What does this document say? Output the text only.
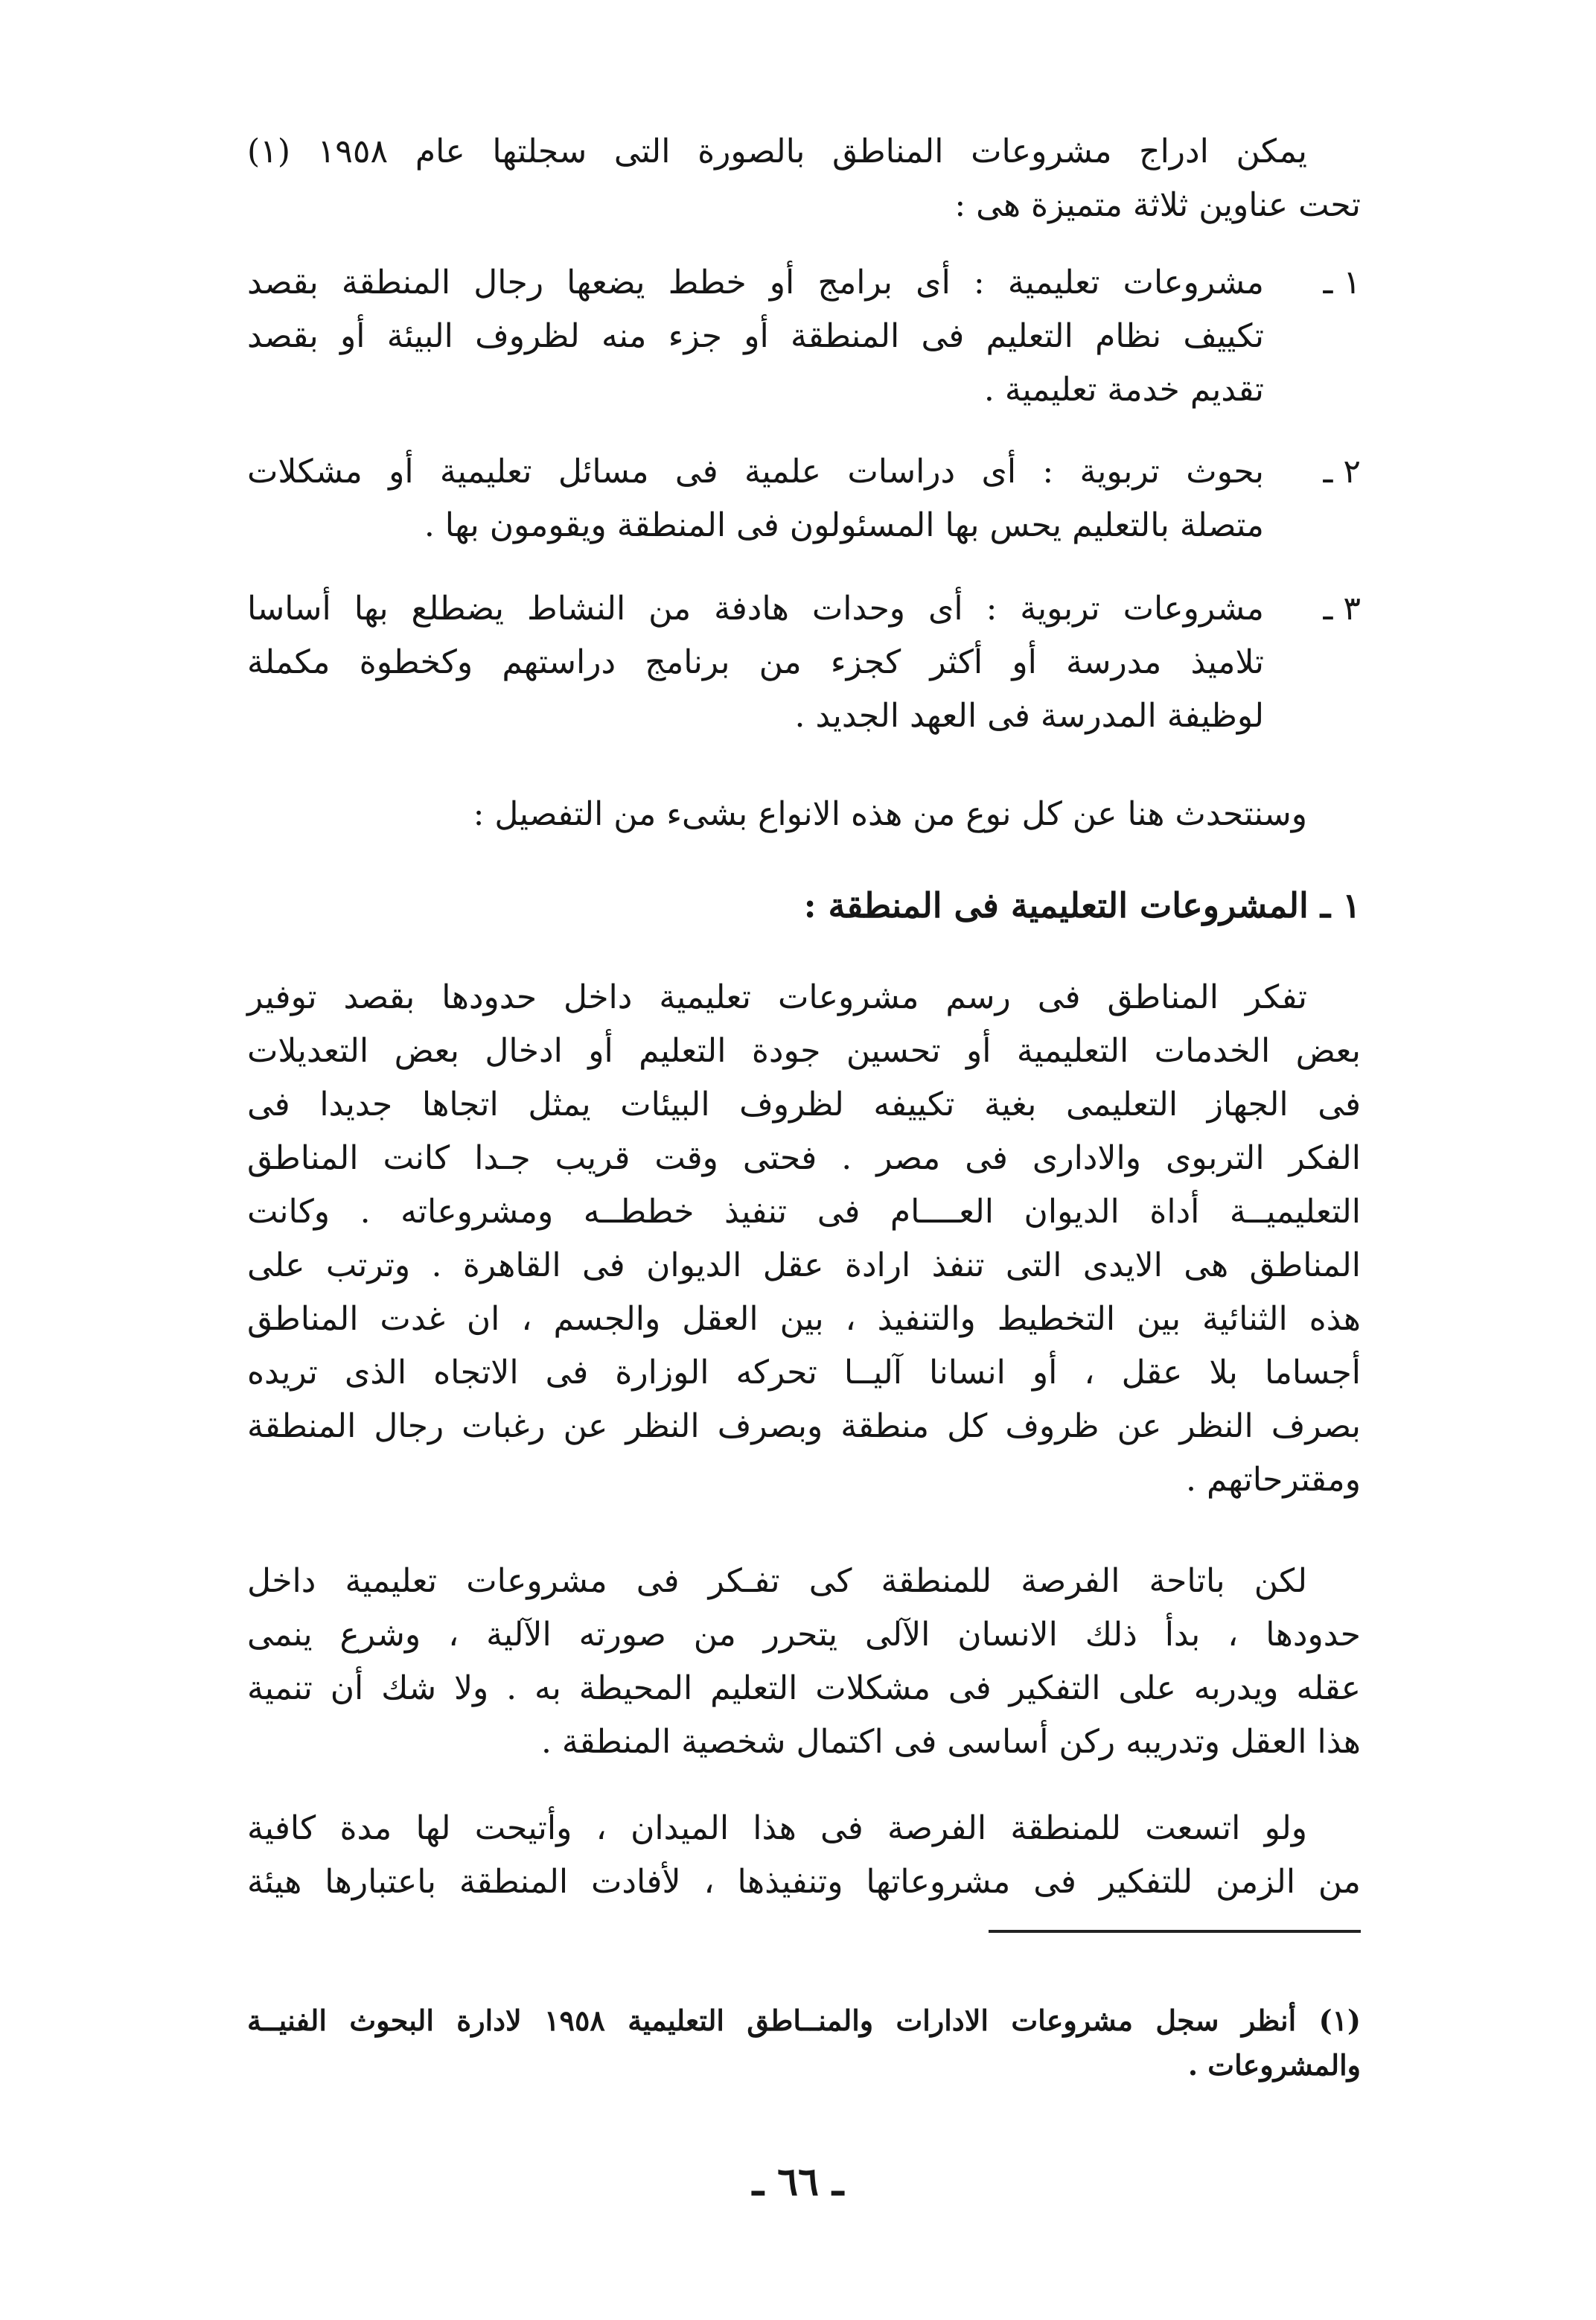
يمكن ادراج مشروعات المناطق بالصورة التى سجلتها عام ١٩٥٨ (١)
تحت عناوين ثلاثة متميزة هى :
١ ـ
مشروعات تعليمية : أى برامج أو خطط يضعها رجال المنطقة بقصد
تكييف نظام التعليم فى المنطقة أو جزء منه لظروف البيئة أو بقصد
تقديم خدمة تعليمية .
٢ ـ
بحوث تربوية : أى دراسات علمية فى مسائل تعليمية أو مشكلات
متصلة بالتعليم يحس بها المسئولون فى المنطقة ويقومون بها .
٣ ـ
مشروعات تربوية : أى وحدات هادفة من النشاط يضطلع بها أساسا
تلاميذ مدرسة أو أكثر كجزء من برنامج دراستهم وكخطوة مكملة
لوظيفة المدرسة فى العهد الجديد .
وسنتحدث هنا عن كل نوع من هذه الانواع بشىء من التفصيل :
١ ـ المشروعات التعليمية فى المنطقة :
تفكر المناطق فى رسم مشروعات تعليمية داخل حدودها بقصد توفير
بعض الخدمات التعليمية أو تحسين جودة التعليم أو ادخال بعض التعديلات
فى الجهاز التعليمى بغية تكييفه لظروف البيئات يمثل اتجاها جديدا فى
الفكر التربوى والادارى فى مصر . فحتى وقت قريب جـدا كانت المناطق
التعليميــة أداة الديوان العــــام فى تنفيذ خططــه ومشروعاته . وكانت
المناطق هى الايدى التى تنفذ ارادة عقل الديوان فى القاهرة . وترتب على
هذه الثنائية بين التخطيط والتنفيذ ، بين العقل والجسم ، ان غدت المناطق
أجساما بلا عقل ، أو انسانا آليــا تحركه الوزارة فى الاتجاه الذى تريده
بصرف النظر عن ظروف كل منطقة وبصرف النظر عن رغبات رجال المنطقة
ومقترحاتهم .
لكن باتاحة الفرصة للمنطقة كى تفـكر فى مشروعات تعليمية داخل
حدودها ، بدأ ذلك الانسان الآلى يتحرر من صورته الآلية ، وشرع ينمى
عقله ويدربه على التفكير فى مشكلات التعليم المحيطة به . ولا شك أن تنمية
هذا العقل وتدريبه ركن أساسى فى اكتمال شخصية المنطقة .
ولو اتسعت للمنطقة الفرصة فى هذا الميدان ، وأتيحت لها مدة كافية
من الزمن للتفكير فى مشروعاتها وتنفيذها ، لأفادت المنطقة باعتبارها هيئة
(١) أنظر سجل مشروعات الادارات والمنــاطق التعليمية ١٩٥٨ لادارة البحوث الفنيــة
والمشروعات .
ـ ٦٦ ـ
